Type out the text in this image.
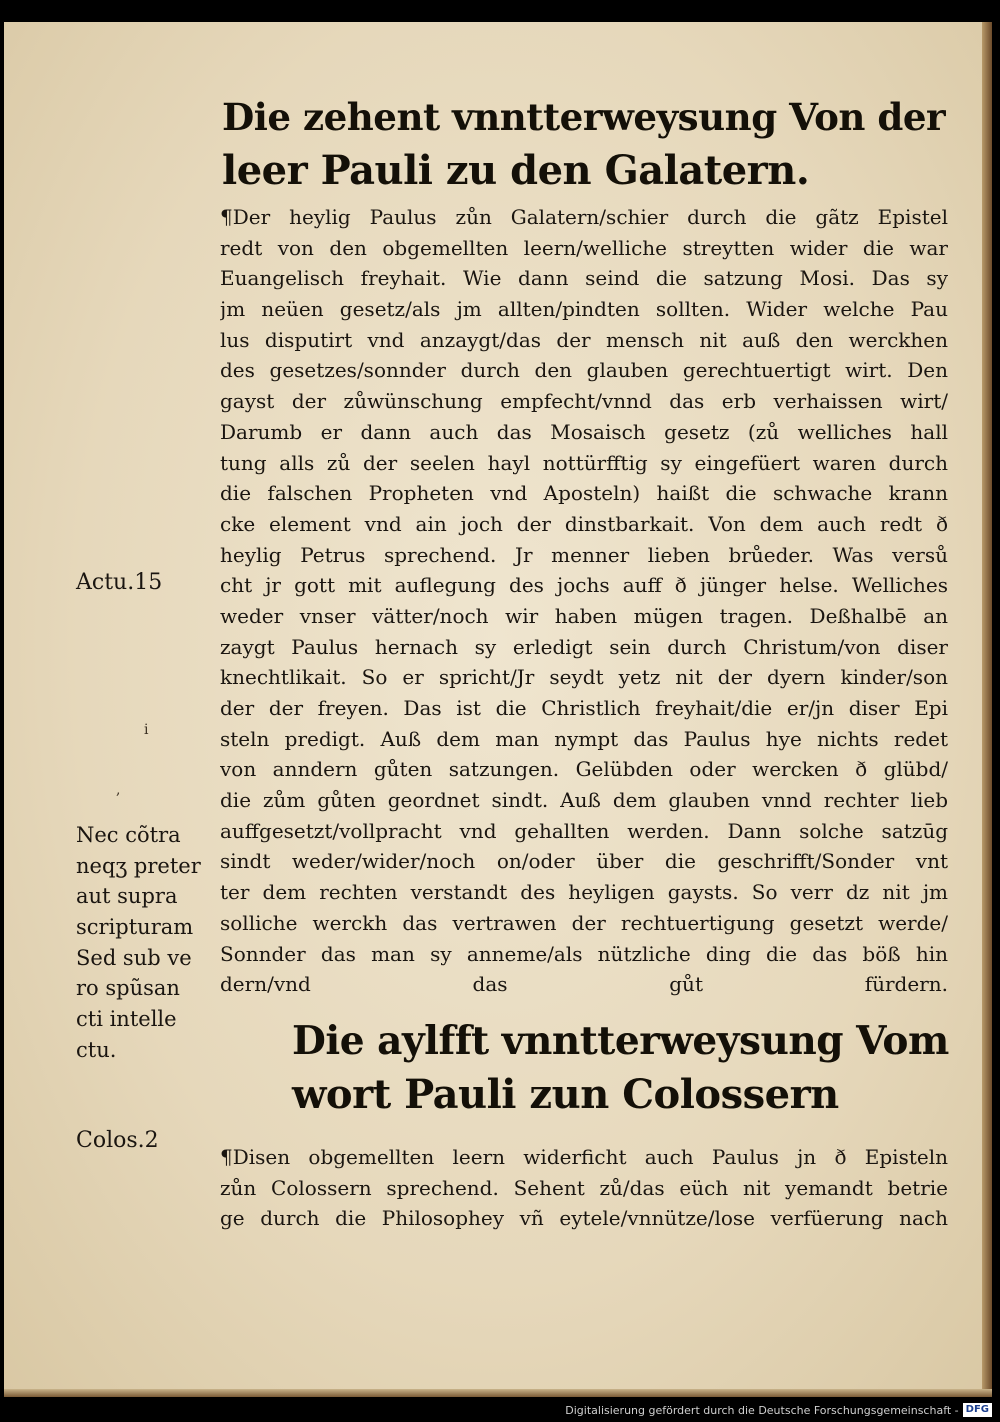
Die zehent vnntterweysung Von der
leer Pauli zu den Galatern.
¶Der heylig Paulus zůn Galatern/schier durch die gãtz Epistel
redt von den obgemellten leern/welliche streytten wider die war
Euangelisch freyhait. Wie dann seind die satzung Mosi. Das sy
jm neüen gesetz/als jm allten/pindten sollten. Wider welche Pau
lus disputirt vnd anzaygt/das der mensch nit auß den werckhen
des gesetzes/sonnder durch den glauben gerechtuertigt wirt. Den
gayst der zůwünschung empfecht/vnnd das erb verhaissen wirt/
Darumb er dann auch das Mosaisch gesetz (zů welliches hall
tung alls zů der seelen hayl nottürfftig sy eingefüert waren durch
die falschen Propheten vnd Aposteln) haißt die schwache krann
cke element vnd ain joch der dinstbarkait. Von dem auch redt ð
heylig Petrus sprechend. Jr menner lieben brůeder. Was versů
cht jr gott mit auflegung des jochs auff ð jünger helse. Welliches
weder vnser vätter/noch wir haben mügen tragen. Deßhalbē an
zaygt Paulus hernach sy erledigt sein durch Christum/von diser
knechtlikait. So er spricht/Jr seydt yetz nit der dyern kinder/son
der der freyen. Das ist die Christlich freyhait/die er/jn diser Epi
steln predigt. Auß dem man nympt das Paulus hye nichts redet
von anndern gůten satzungen. Gelübden oder wercken ð glübd/
die zům gůten geordnet sindt. Auß dem glauben vnnd rechter lieb
auffgesetzt/vollpracht vnd gehallten werden. Dann solche satzūg
sindt weder/wider/noch on/oder über die geschrifft/Sonder vnt
ter dem rechten verstandt des heyligen gaysts. So verr dz nit jm
solliche werckh das vertrawen der rechtuertigung gesetzt werde/
Sonnder das man sy anneme/als nützliche ding die das böß hin
dern/vnd das gůt fürdern.
Actu.15
i
,
Nec cõtra
neqʒ preter
aut supra
scripturam
Sed sub ve
ro spũsan
cti intelle
ctu.	Die aylfft vnntterweysung Vom
wort Pauli zun Colossern
Colos.2
¶Disen obgemellten leern widerficht auch Paulus jn ð Episteln
zůn Colossern sprechend. Sehent zů/das eüch nit yemandt betrie
ge durch die Philosophey vñ eytele/vnnütze/lose verfüerung nach
Digitalisierung gefördert durch die Deutsche Forschungsgemeinschaft - DFG
